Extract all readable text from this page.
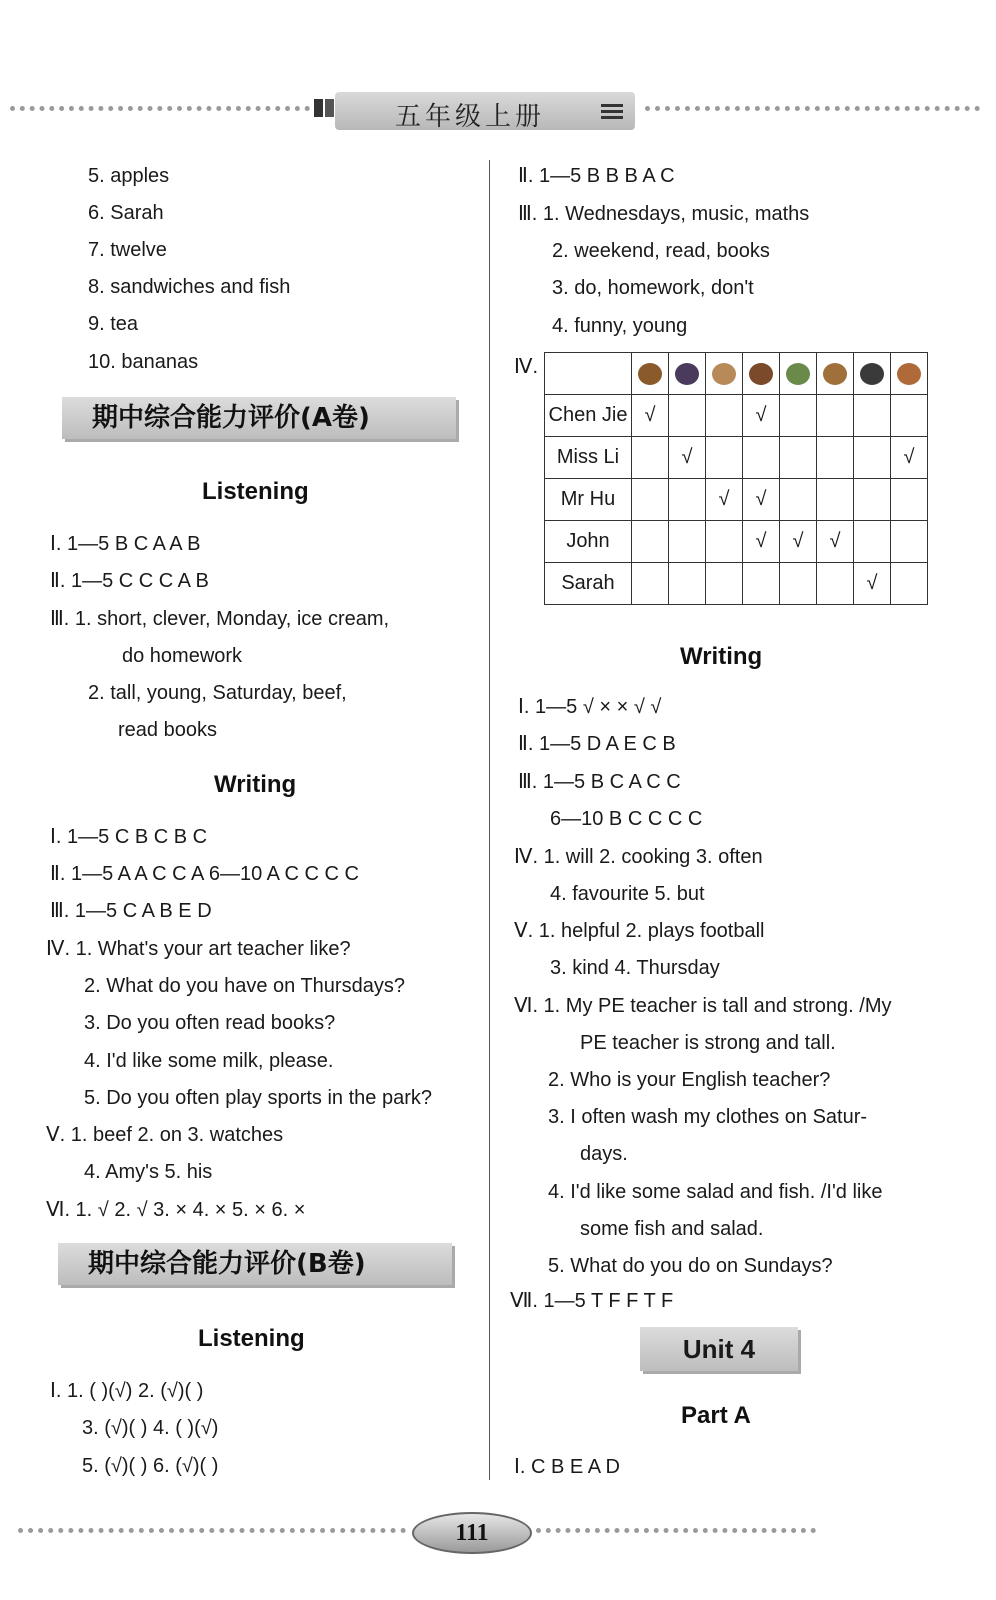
五年级上册
5. apples
6. Sarah
7. twelve
8. sandwiches and fish
9. tea
10. bananas
期中综合能力评价(A卷)
Listening
Ⅰ. 1—5 B C A A B
Ⅱ. 1—5 C C C A B
Ⅲ. 1. short, clever, Monday, ice cream,
do homework
2. tall, young, Saturday, beef,
read books
Writing
Ⅰ. 1—5 C B C B C
Ⅱ. 1—5 A A C C A 6—10 A C C C C
Ⅲ. 1—5 C A B E D
Ⅳ. 1. What's your art teacher like?
2. What do you have on Thursdays?
3. Do you often read books?
4. I'd like some milk, please.
5. Do you often play sports in the park?
Ⅴ. 1. beef 2. on 3. watches
4. Amy's 5. his
Ⅵ. 1. √ 2. √ 3. × 4. × 5. × 6. ×
期中综合能力评价(B卷)
Listening
Ⅰ. 1. ( )(√) 2. (√)( )
3. (√)( ) 4. ( )(√)
5. (√)( ) 6. (√)( )
Ⅱ. 1—5 B B B A C
Ⅲ. 1. Wednesdays, music, maths
2. weekend, read, books
3. do, homework, don't
4. funny, young
Ⅳ.

Chen Jie	√			√				
Miss Li		√						√
Mr Hu			√	√				
John				√	√	√		
Sarah							√	
Writing
Ⅰ. 1—5 √ × × √ √
Ⅱ. 1—5 D A E C B
Ⅲ. 1—5 B C A C C
6—10 B C C C C
Ⅳ. 1. will 2. cooking 3. often
4. favourite 5. but
Ⅴ. 1. helpful 2. plays football
3. kind 4. Thursday
Ⅵ. 1. My PE teacher is tall and strong. /My
PE teacher is strong and tall.
2. Who is your English teacher?
3. I often wash my clothes on Satur-
days.
4. I'd like some salad and fish. /I'd like
some fish and salad.
5. What do you do on Sundays?
Ⅶ. 1—5 T F F T F
Unit 4
Part A
Ⅰ. C B E A D
111
